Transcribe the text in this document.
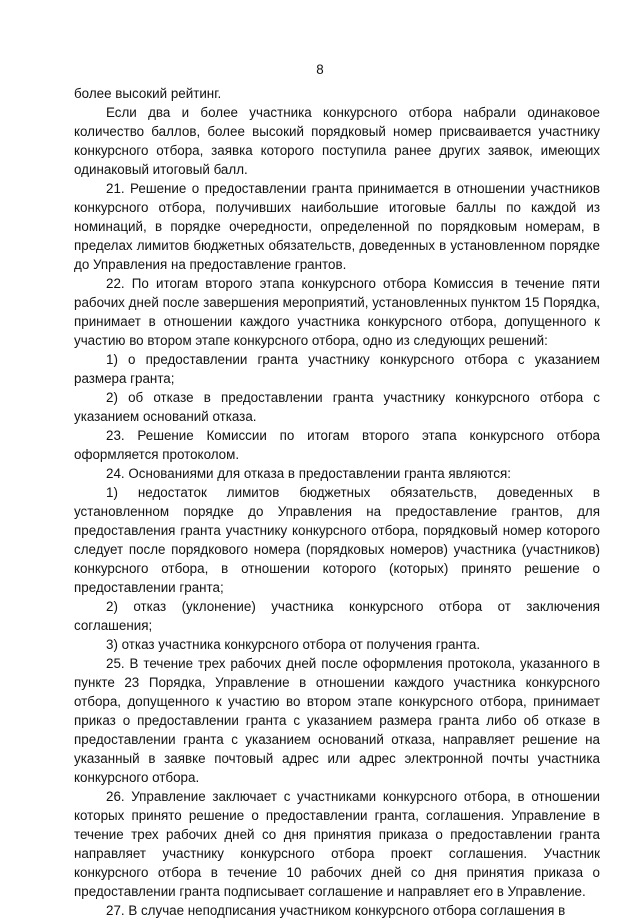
8

более высокий рейтинг.

Если два и более участника конкурсного отбора набрали одинаковое количество баллов, более высокий порядковый номер присваивается участнику конкурсного отбора, заявка которого поступила ранее других заявок, имеющих одинаковый итоговый балл.

21. Решение о предоставлении гранта принимается в отношении участников конкурсного отбора, получивших наибольшие итоговые баллы по каждой из номинаций, в порядке очередности, определенной по порядковым номерам, в пределах лимитов бюджетных обязательств, доведенных в установленном порядке до Управления на предоставление грантов.

22. По итогам второго этапа конкурсного отбора Комиссия в течение пяти рабочих дней после завершения мероприятий, установленных пунктом 15 Порядка, принимает в отношении каждого участника конкурсного отбора, допущенного к участию во втором этапе конкурсного отбора, одно из следующих решений:

1) о предоставлении гранта участнику конкурсного отбора с указанием размера гранта;

2) об отказе в предоставлении гранта участнику конкурсного отбора с указанием оснований отказа.

23. Решение Комиссии по итогам второго этапа конкурсного отбора оформляется протоколом.

24. Основаниями для отказа в предоставлении гранта являются:

1) недостаток лимитов бюджетных обязательств, доведенных в установленном порядке до Управления на предоставление грантов, для предоставления гранта участнику конкурсного отбора, порядковый номер которого следует после порядкового номера (порядковых номеров) участника (участников) конкурсного отбора, в отношении которого (которых) принято решение о предоставлении гранта;

2) отказ (уклонение) участника конкурсного отбора от заключения соглашения;

3) отказ участника конкурсного отбора от получения гранта.

25. В течение трех рабочих дней после оформления протокола, указанного в пункте 23 Порядка, Управление в отношении каждого участника конкурсного отбора, допущенного к участию во втором этапе конкурсного отбора, принимает приказ о предоставлении гранта с указанием размера гранта либо об отказе в предоставлении гранта с указанием оснований отказа, направляет решение на указанный в заявке почтовый адрес или адрес электронной почты участника конкурсного отбора.

26. Управление заключает с участниками конкурсного отбора, в отношении которых принято решение о предоставлении гранта, соглашения. Управление в течение трех рабочих дней со дня принятия приказа о предоставлении гранта направляет участнику конкурсного отбора проект соглашения. Участник конкурсного отбора в течение 10 рабочих дней со дня принятия приказа о предоставлении гранта подписывает соглашение и направляет его в Управление.

27. В случае неподписания участником конкурсного отбора соглашения в
